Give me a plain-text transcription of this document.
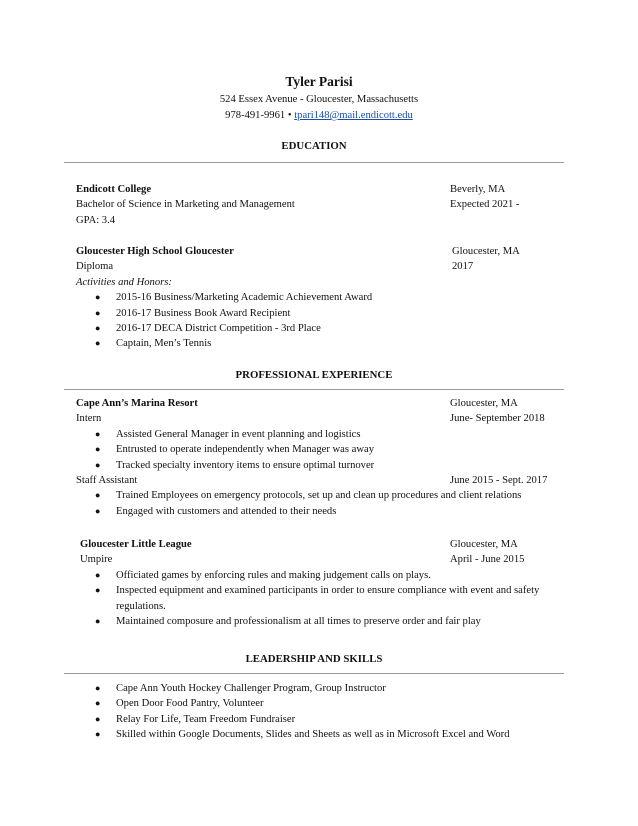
Tyler Parisi
524 Essex Avenue - Gloucester, Massachusetts
978-491-9961 • tpari148@mail.endicott.edu
EDUCATION
Endicott College	Beverly, MA
Bachelor of Science in Marketing and Management	Expected 2021 -
GPA: 3.4
Gloucester High School Gloucester	Gloucester, MA
Diploma	2017
Activities and Honors:
● 2015-16 Business/Marketing Academic Achievement Award
● 2016-17 Business Book Award Recipient
● 2016-17 DECA District Competition - 3rd Place
● Captain, Men’s Tennis
PROFESSIONAL EXPERIENCE
Cape Ann’s Marina Resort	Gloucester, MA
Intern	June- September 2018
● Assisted General Manager in event planning and logistics
● Entrusted to operate independently when Manager was away
● Tracked specialty inventory items to ensure optimal turnover
Staff Assistant	June 2015 - Sept. 2017
● Trained Employees on emergency protocols, set up and clean up procedures and client relations
● Engaged with customers and attended to their needs
Gloucester Little League	Gloucester, MA
Umpire	April - June 2015
● Officiated games by enforcing rules and making judgement calls on plays.
● Inspected equipment and examined participants in order to ensure compliance with event and safety regulations.
● Maintained composure and professionalism at all times to preserve order and fair play
LEADERSHIP AND SKILLS
● Cape Ann Youth Hockey Challenger Program, Group Instructor
● Open Door Food Pantry, Volunteer
● Relay For Life, Team Freedom Fundraiser
● Skilled within Google Documents, Slides and Sheets as well as in Microsoft Excel and Word
